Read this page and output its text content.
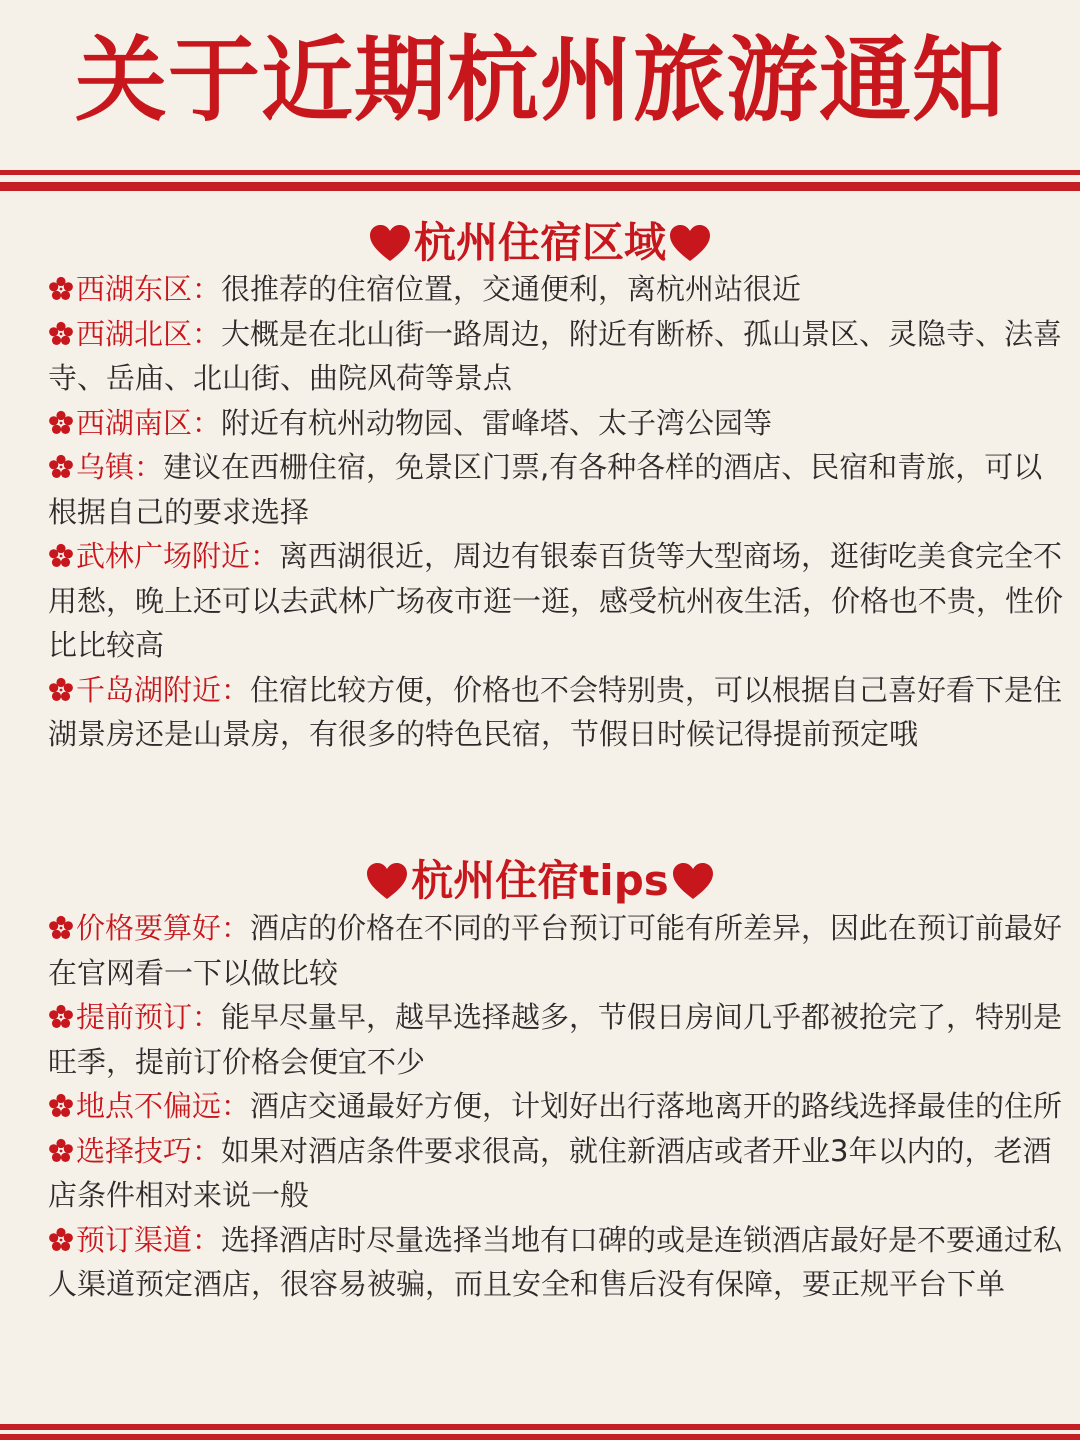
关于近期杭州旅游通知
杭州住宿区域
西湖东区：很推荐的住宿位置，交通便利，离杭州站很近
西湖北区：大概是在北山街一路周边，附近有断桥、孤山景区、灵隐寺、法喜寺、岳庙、北山街、曲院风荷等景点
西湖南区：附近有杭州动物园、雷峰塔、太子湾公园等
乌镇：建议在西栅住宿，免景区门票,有各种各样的酒店、民宿和青旅，可以根据自己的要求选择
武林广场附近：离西湖很近，周边有银泰百货等大型商场，逛街吃美食完全不用愁，晚上还可以去武林广场夜市逛一逛，感受杭州夜生活，价格也不贵，性价比比较高
千岛湖附近：住宿比较方便，价格也不会特别贵，可以根据自己喜好看下是住湖景房还是山景房，有很多的特色民宿，节假日时候记得提前预定哦
杭州住宿tips
价格要算好：酒店的价格在不同的平台预订可能有所差异，因此在预订前最好在官网看一下以做比较
提前预订：能早尽量早，越早选择越多，节假日房间几乎都被抢完了，特别是旺季，提前订价格会便宜不少
地点不偏远：酒店交通最好方便，计划好出行落地离开的路线选择最佳的住所
选择技巧：如果对酒店条件要求很高，就住新酒店或者开业3年以内的，老酒店条件相对来说一般
预订渠道：选择酒店时尽量选择当地有口碑的或是连锁酒店最好是不要通过私人渠道预定酒店，很容易被骗，而且安全和售后没有保障，要正规平台下单
